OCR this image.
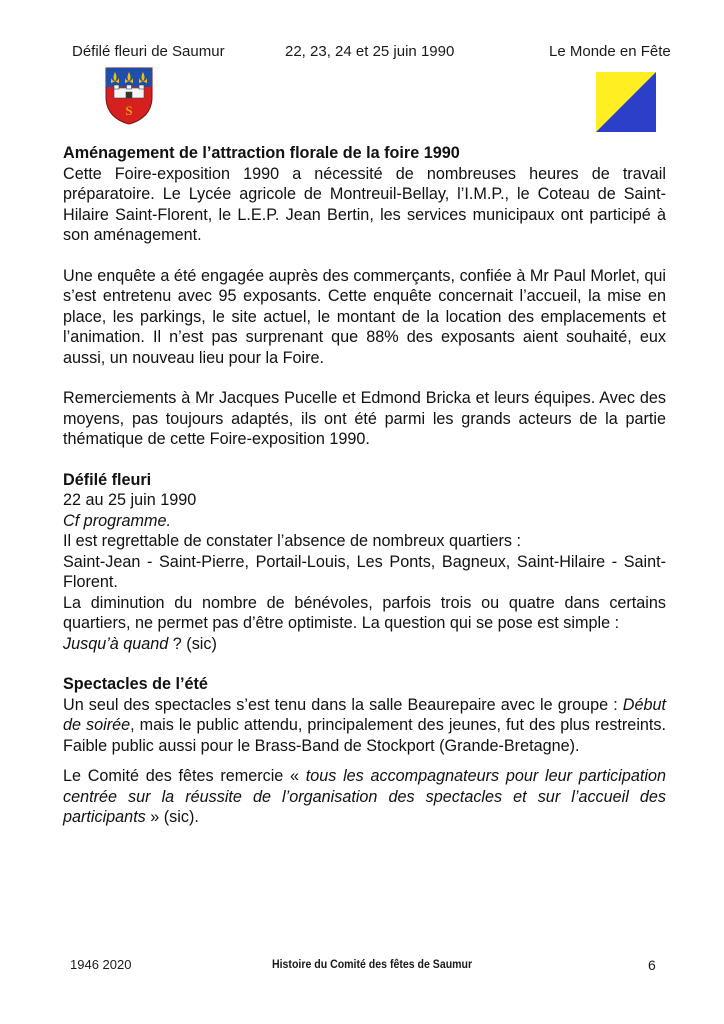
Défilé fleuri de Saumur	22, 23, 24 et 25 juin 1990	Le Monde en Fête
S

Aménagement de l’attraction florale de la foire 1990

Cette Foire-exposition 1990 a nécessité de nombreuses heures de travail préparatoire. Le Lycée agricole de Montreuil-Bellay, l’I.M.P., le Coteau de Saint-Hilaire Saint-Florent, le L.E.P. Jean Bertin, les services municipaux ont participé à son aménagement.

Une enquête a été engagée auprès des commerçants, confiée à Mr Paul Morlet, qui s’est entretenu avec 95 exposants. Cette enquête concernait l’accueil, la mise en place, les parkings, le site actuel, le montant de la location des emplacements et l’animation. Il n’est pas surprenant que 88% des exposants aient souhaité, eux aussi, un nouveau lieu pour la Foire.

Remerciements à Mr Jacques Pucelle et Edmond Bricka et leurs équipes. Avec des moyens, pas toujours adaptés, ils ont été parmi les grands acteurs de la partie thématique de cette Foire-exposition 1990.

Défilé fleuri

22 au 25 juin 1990

Cf programme.

Il est regrettable de constater l’absence de nombreux quartiers :

Saint-Jean - Saint-Pierre, Portail-Louis, Les Ponts, Bagneux, Saint-Hilaire - Saint-Florent.

La diminution du nombre de bénévoles, parfois trois ou quatre dans certains quartiers, ne permet pas d’être optimiste. La question qui se pose est simple :

Jusqu’à quand ? (sic)

Spectacles de l’été

Un seul des spectacles s’est tenu dans la salle Beaurepaire avec le groupe : Début de soirée, mais le public attendu, principalement des jeunes, fut des plus restreints. Faible public aussi pour le Brass-Band de Stockport (Grande-Bretagne).

Le Comité des fêtes remercie « tous les accompagnateurs pour leur participation centrée sur la réussite de l’organisation des spectacles et sur l’accueil des participants » (sic).

1946 2020	Histoire du Comité des fêtes de Saumur	6
